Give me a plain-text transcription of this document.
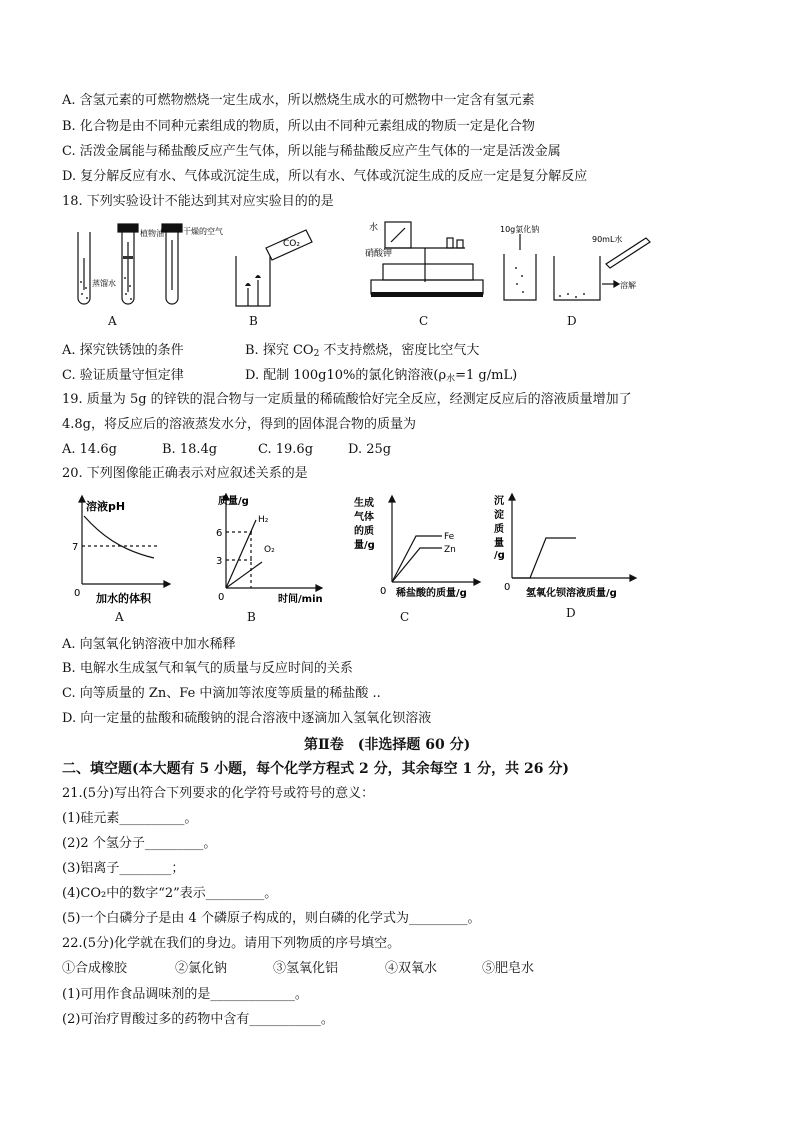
A. 含氢元素的可燃物燃烧一定生成水，所以燃烧生成水的可燃物中一定含有氢元素
B. 化合物是由不同种元素组成的物质，所以由不同种元素组成的物质一定是化合物
C. 活泼金属能与稀盐酸反应产生气体，所以能与稀盐酸反应产生气体的一定是活泼金属
D. 复分解反应有水、气体或沉淀生成，所以有水、气体或沉淀生成的反应一定是复分解反应
18. 下列实验设计不能达到其对应实验目的的是
植物油 干燥的空气
蒸馏水
A
CO₂
B
水
硝酸钾
C
10g氯化钠
90mL水
溶解
D
A. 探究铁锈蚀的条件	B. 探究 $CO_2$ 不支持燃烧，密度比空气大
C. 验证质量守恒定律	D. 配制 100g10%的氯化钠溶液($\rho_水=1$ g/mL)
19. 质量为 5g 的锌铁的混合物与一定质量的稀硫酸恰好完全反应，经测定反应后的溶液质量增加了
4.8g，将反应后的溶液蒸发水分，得到的固体混合物的质量为
A. 14.6g	B. 18.4g	C. 19.6g	D. 25g
20. 下列图像能正确表示对应叙述关系的是
溶液pH
7
0 加水的体积
A
质量/g
6
3
H₂
O₂
0	时间/min
B
生成
气体
的质
量/g
Fe
Zn
0 稀盐酸的质量/g
C
沉
淀
质
量
/g
0
氢氧化钡溶液质量/g
D
A. 向氢氧化钠溶液中加水稀释
B. 电解水生成氢气和氧气的质量与反应时间的关系
C. 向等质量的 Zn、Fe 中滴加等浓度等质量的稀盐酸 ..
D. 向一定量的盐酸和硫酸钠的混合溶液中逐滴加入氢氧化钡溶液
第Ⅱ卷　(非选择题 60 分)
二、填空题(本大题有 5 小题，每个化学方程式 2 分，其余每空 1 分，共 26 分)
21.(5分)写出符合下列要求的化学符号或符号的意义：
(1)硅元素__________。
(2)2 个氢分子_________。
(3)铝离子________；
(4)CO₂中的数字“2”表示_________。
(5)一个白磷分子是由 4 个磷原子构成的，则白磷的化学式为_________。
22.(5分)化学就在我们的身边。请用下列物质的序号填空。
①合成橡胶	②氯化钠	③氢氧化铝	④双氧水	⑤肥皂水
(1)可用作食品调味剂的是_____________。
(2)可治疗胃酸过多的药物中含有___________。
